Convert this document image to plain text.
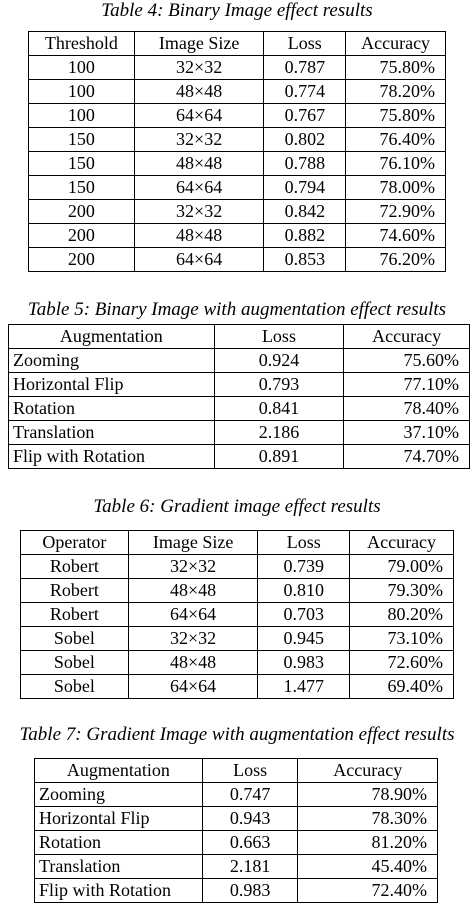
Table 4: Binary Image effect results
Threshold	Image Size	Loss	Accuracy
100	32×32	0.787	75.80%
100	48×48	0.774	78.20%
100	64×64	0.767	75.80%
150	32×32	0.802	76.40%
150	48×48	0.788	76.10%
150	64×64	0.794	78.00%
200	32×32	0.842	72.90%
200	48×48	0.882	74.60%
200	64×64	0.853	76.20%
Table 5: Binary Image with augmentation effect results
Augmentation	Loss	Accuracy
Zooming	0.924	75.60%
Horizontal Flip	0.793	77.10%
Rotation	0.841	78.40%
Translation	2.186	37.10%
Flip with Rotation	0.891	74.70%
Table 6: Gradient image effect results
Operator	Image Size	Loss	Accuracy
Robert	32×32	0.739	79.00%
Robert	48×48	0.810	79.30%
Robert	64×64	0.703	80.20%
Sobel	32×32	0.945	73.10%
Sobel	48×48	0.983	72.60%
Sobel	64×64	1.477	69.40%
Table 7: Gradient Image with augmentation effect results
Augmentation	Loss	Accuracy
Zooming	0.747	78.90%
Horizontal Flip	0.943	78.30%
Rotation	0.663	81.20%
Translation	2.181	45.40%
Flip with Rotation	0.983	72.40%
